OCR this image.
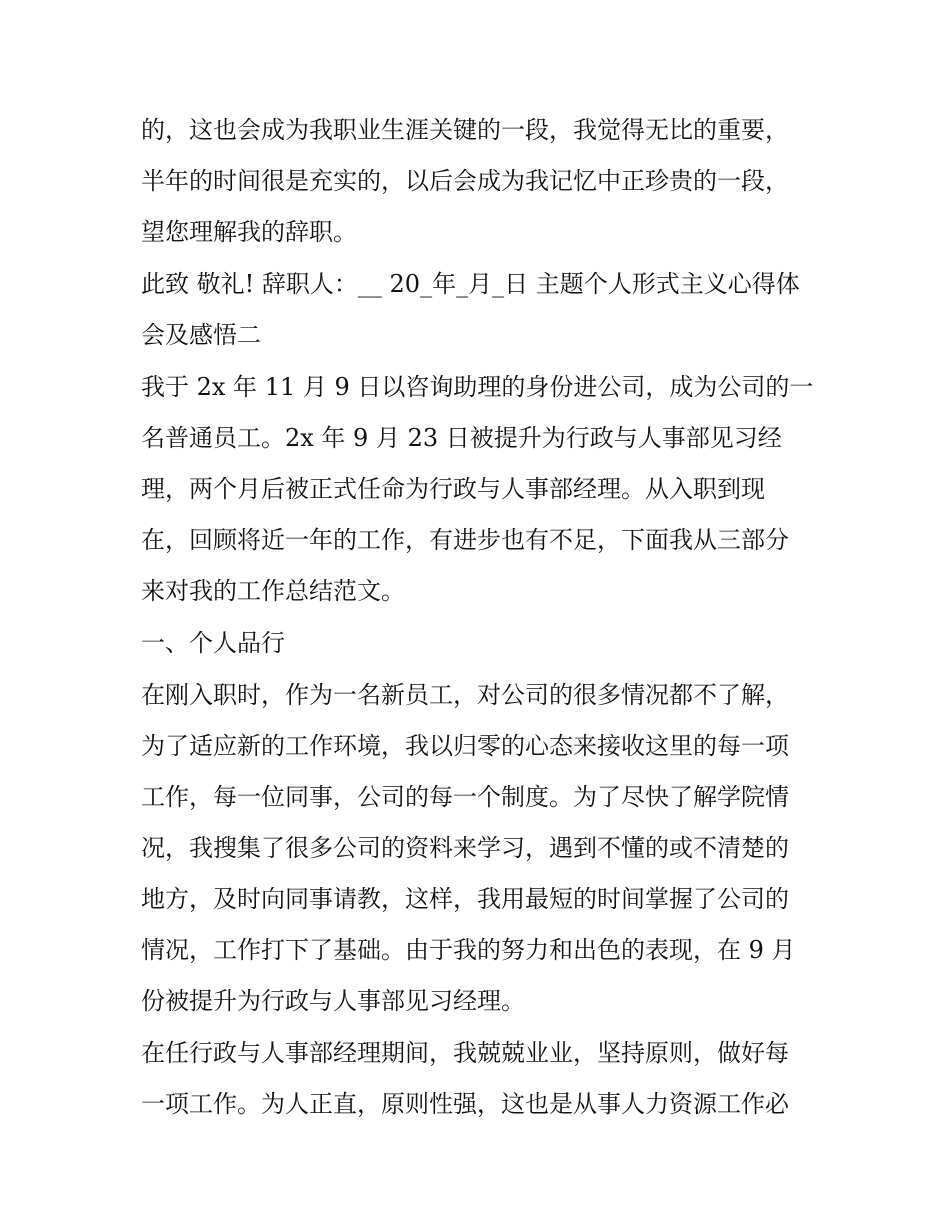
的，这也会成为我职业生涯关键的一段，我觉得无比的重要，
半年的时间很是充实的，以后会成为我记忆中正珍贵的一段，
望您理解我的辞职。
此致 敬礼! 辞职人：__ 20_年_月_日 主题个人形式主义心得体
会及感悟二
我于 2x 年 11 月 9 日以咨询助理的身份进公司，成为公司的一
名普通员工。2x 年 9 月 23 日被提升为行政与人事部见习经
理，两个月后被正式任命为行政与人事部经理。从入职到现
在，回顾将近一年的工作，有进步也有不足，下面我从三部分
来对我的工作总结范文。
一、个人品行
在刚入职时，作为一名新员工，对公司的很多情况都不了解，
为了适应新的工作环境，我以归零的心态来接收这里的每一项
工作，每一位同事，公司的每一个制度。为了尽快了解学院情
况，我搜集了很多公司的资料来学习，遇到不懂的或不清楚的
地方，及时向同事请教，这样，我用最短的时间掌握了公司的
情况，工作打下了基础。由于我的努力和出色的表现，在 9 月
份被提升为行政与人事部见习经理。
在任行政与人事部经理期间，我兢兢业业，坚持原则，做好每
一项工作。为人正直，原则性强，这也是从事人力资源工作必
